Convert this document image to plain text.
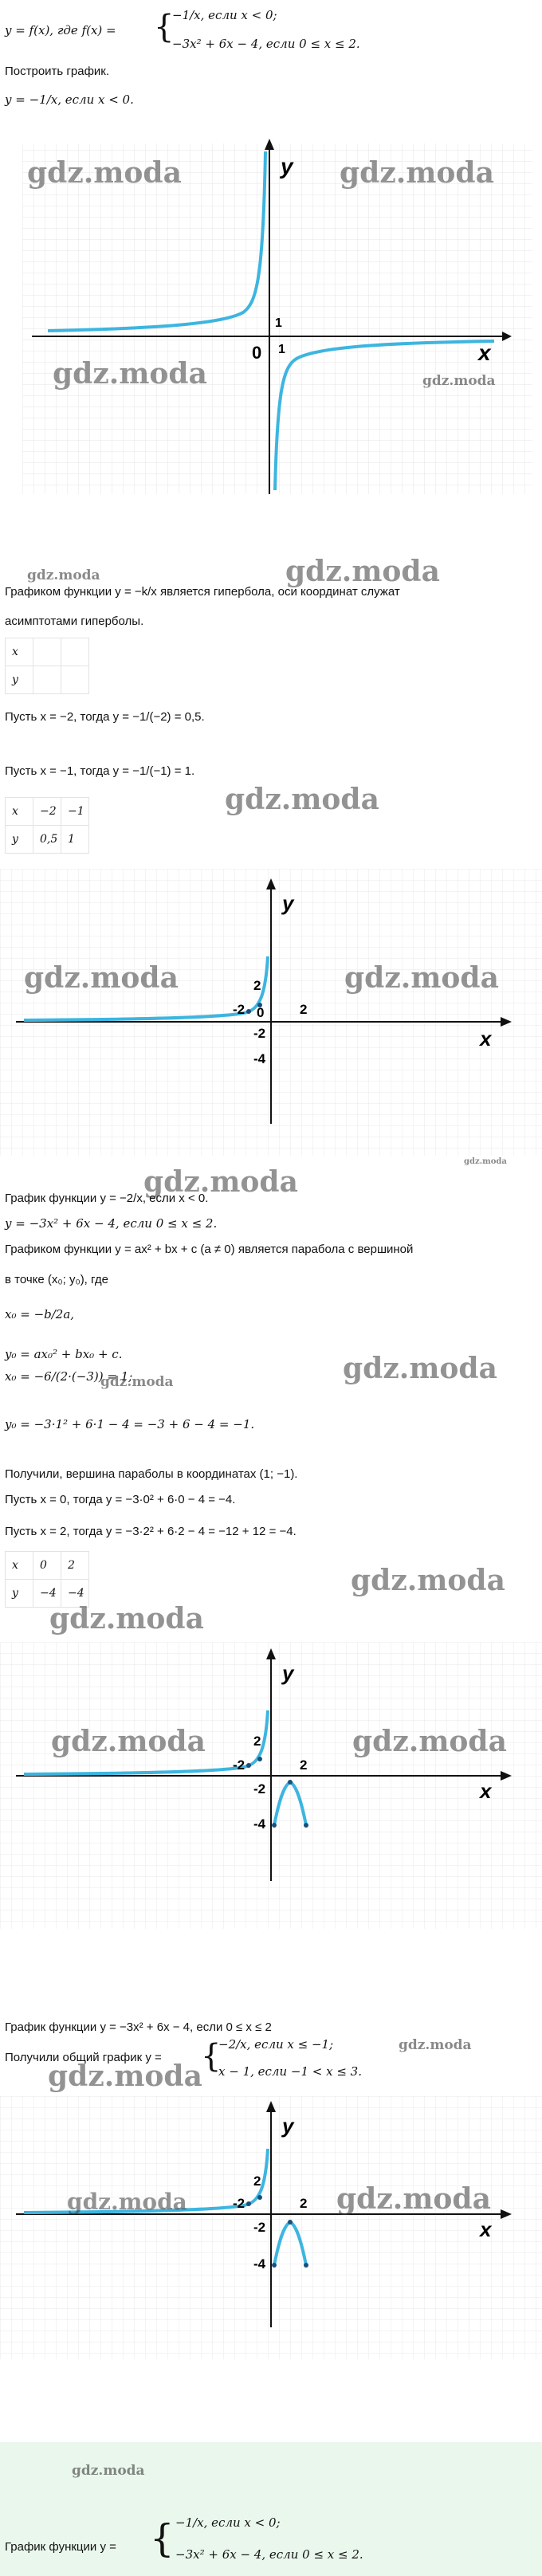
y = f(x), где f(x) = {
−1/x, если x < 0;
−3x² + 6x − 4, если 0 ≤ x ≤ 2.
Построить график.
y = −1/x, если x < 0.
y
x
0
1
1
gdz.moda	gdz.moda
gdz.moda	gdz.moda
gdz.moda	gdz.moda
Графиком функции y = −k/x является гипербола, оси координат служат
асимптотами гиперболы.
x		
y		
Пусть x = −2, тогда y = −1/(−2) = 0,5.
Пусть x = −1, тогда y = −1/(−1) = 1.
gdz.moda
x	−2	−1
y	0,5	1
y
x
2
-2 0
-2
-4
2
gdz.moda	gdz.moda
gdz.moda
gdz.moda
График функции y = −2/x, если x < 0.
y = −3x² + 6x − 4, если 0 ≤ x ≤ 2.
Графиком функции y = ax² + bx + c (a ≠ 0) является парабола с вершиной
в точке (x₀; y₀), где
x₀ = −b/2a,
y₀ = ax₀² + bx₀ + c.
x₀ = −6/(2·(−3)) = 1;
gdz.moda	gdz.moda
y₀ = −3·1² + 6·1 − 4 = −3 + 6 − 4 = −1.
Получили, вершина параболы в координатах (1; −1).
Пусть x = 0, тогда y = −3·0² + 6·0 − 4 = −4.
Пусть x = 2, тогда y = −3·2² + 6·2 − 4 = −12 + 12 = −4.
x	0	2
y	−4	−4	gdz.moda
gdz.moda
y
x
2
-2
-2
-4
2
gdz.moda	gdz.moda
График функции y = −3x² + 6x − 4, если 0 ≤ x ≤ 2
gdz.moda
Получили общий график y = {
−2/x, если x ≤ −1;
x − 1, если −1 < x ≤ 3.
gdz.moda
y
x
2
-2
-2
-4
2
gdz.moda	gdz.moda
gdz.moda
График функции y = { −1/x, если x < 0;
−3x² + 6x − 4, если 0 ≤ x ≤ 2.
